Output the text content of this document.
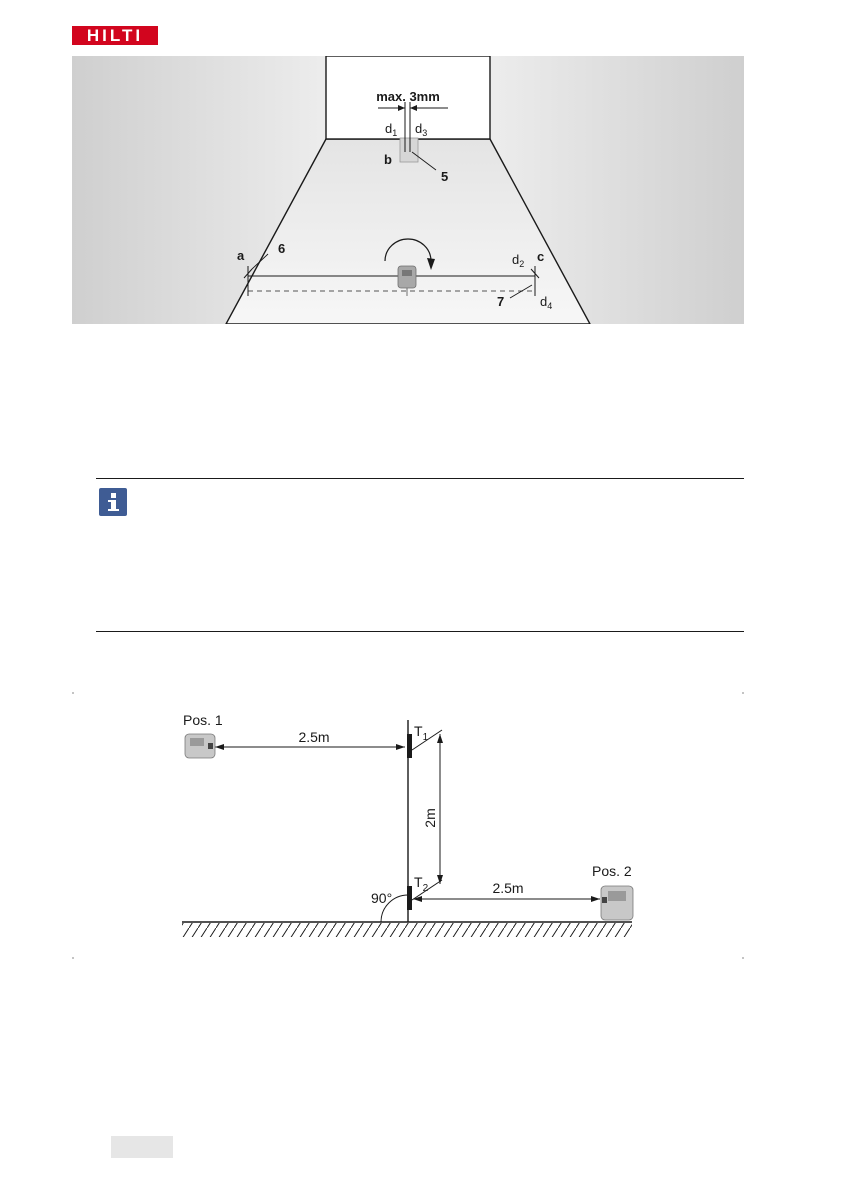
HILTI
max. 3mm
$d_1$ $d_3$
b
5
a	6
c
$d_2$
7	$d_4$
$T_1$
$T_2$
90°
2m
2.5m
2.5m
Pos. 1
Pos. 2
